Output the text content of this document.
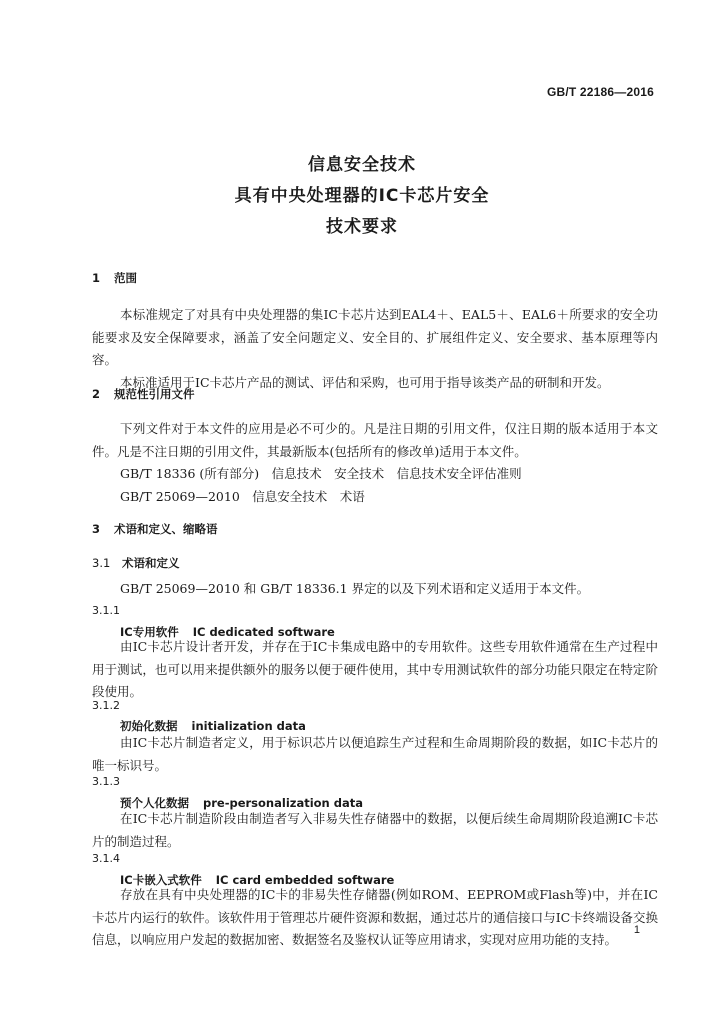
GB/T 22186—2016
信息安全技术
具有中央处理器的IC卡芯片安全
技术要求
1 范围

本标准规定了对具有中央处理器的集IC卡芯片达到EAL4＋、EAL5＋、EAL6＋所要求的安全功能要求及安全保障要求，涵盖了安全问题定义、安全目的、扩展组件定义、安全要求、基本原理等内容。

本标准适用于IC卡芯片产品的测试、评估和采购，也可用于指导该类产品的研制和开发。

2 规范性引用文件

下列文件对于本文件的应用是必不可少的。凡是注日期的引用文件，仅注日期的版本适用于本文件。凡是不注日期的引用文件，其最新版本(包括所有的修改单)适用于本文件。

GB/T 18336 (所有部分)　信息技术　安全技术　信息技术安全评估准则

GB/T 25069—2010　信息安全技术　术语

3 术语和定义、缩略语
3.1 术语和定义

GB/T 25069—2010 和 GB/T 18336.1 界定的以及下列术语和定义适用于本文件。

3.1.1
IC专用软件 IC dedicated software

由IC卡芯片设计者开发，并存在于IC卡集成电路中的专用软件。这些专用软件通常在生产过程中用于测试，也可以用来提供额外的服务以便于硬件使用，其中专用测试软件的部分功能只限定在特定阶段使用。

3.1.2
初始化数据 initialization data

由IC卡芯片制造者定义，用于标识芯片以便追踪生产过程和生命周期阶段的数据，如IC卡芯片的唯一标识号。

3.1.3
预个人化数据 pre-personalization data

在IC卡芯片制造阶段由制造者写入非易失性存储器中的数据，以便后续生命周期阶段追溯IC卡芯片的制造过程。

3.1.4
IC卡嵌入式软件 IC card embedded software

存放在具有中央处理器的IC卡的非易失性存储器(例如ROM、EEPROM或Flash等)中，并在IC卡芯片内运行的软件。该软件用于管理芯片硬件资源和数据，通过芯片的通信接口与IC卡终端设备交换信息，以响应用户发起的数据加密、数据签名及鉴权认证等应用请求，实现对应用功能的支持。

1
